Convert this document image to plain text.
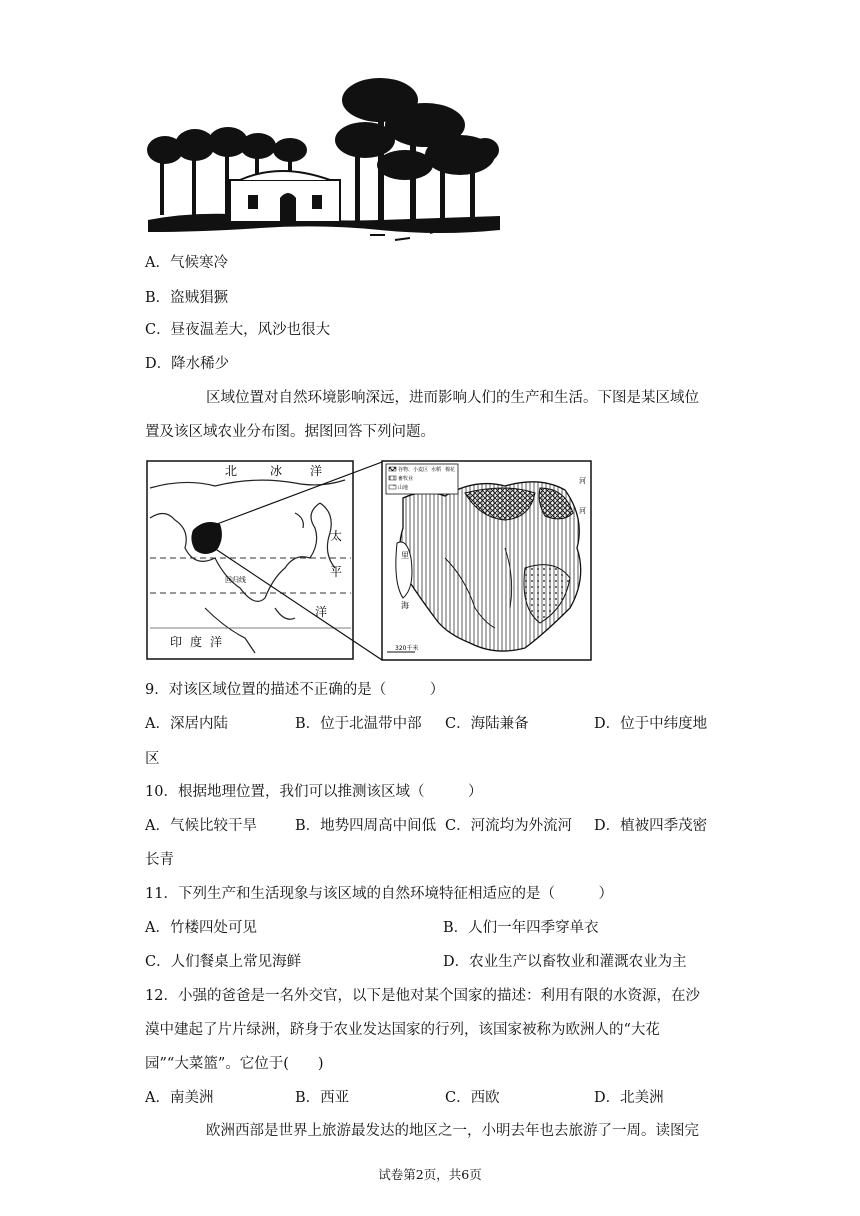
A．气候寒冷
B．盗贼猖獗
C．昼夜温差大，风沙也很大
D．降水稀少
区域位置对自然环境影响深远，进而影响人们的生产和生活。下图是某区域位
置及该区域农业分布图。据图回答下列问题。
北	冰 洋
太
平
洋
印 度 洋
回归线
谷物、小麦区 水稻 棉花
畜牧业
山地
里
海
河
河
320千米
9．对该区域位置的描述不正确的是（　　　）
A．深居内陆	B．位于北温带中部 C．海陆兼备	D．位于中纬度地
区
10．根据地理位置，我们可以推测该区域（　　　）
A．气候比较干旱	B．地势四周高中间低 C．河流均为外流河 D．植被四季茂密
长青
11．下列生产和生活现象与该区域的自然环境特征相适应的是（　　　）
A．竹楼四处可见	B．人们一年四季穿单衣
C．人们餐桌上常见海鲜	D．农业生产以畜牧业和灌溉农业为主
12．小强的爸爸是一名外交官，以下是他对某个国家的描述：利用有限的水资源，在沙
漠中建起了片片绿洲，跻身于农业发达国家的行列，该国家被称为欧洲人的“大花
园”“大菜篮”。它位于(　　)
A．南美洲	B．西亚	C．西欧	D．北美洲
欧洲西部是世界上旅游最发达的地区之一，小明去年也去旅游了一周。读图完
试卷第2页，共6页
